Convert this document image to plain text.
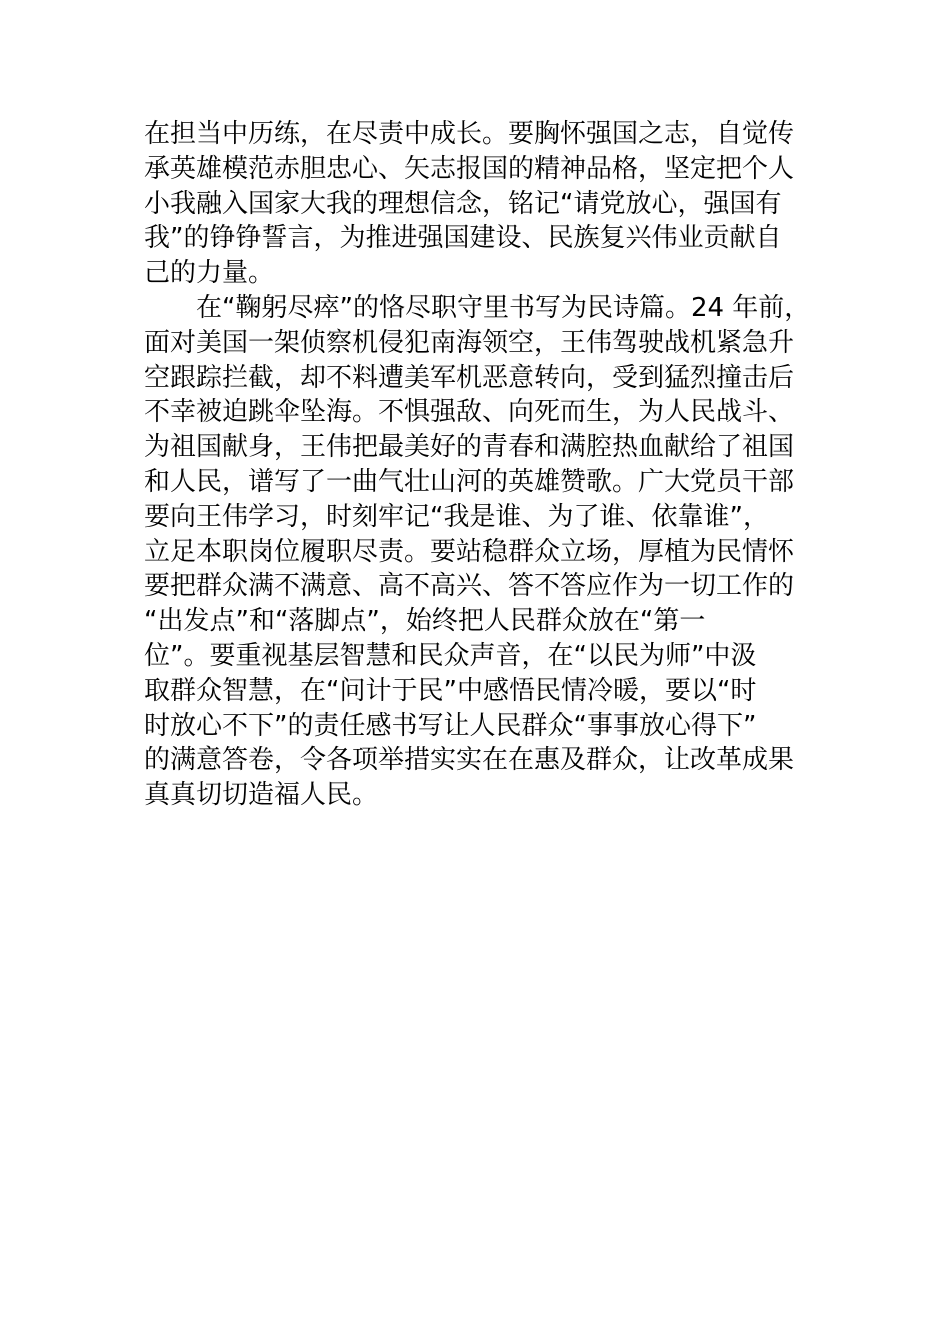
在担当中历练，在尽责中成长。要胸怀强国之志，自觉传
承英雄模范赤胆忠心、矢志报国的精神品格，坚定把个人
小我融入国家大我的理想信念，铭记“请党放心，强国有
我”的铮铮誓言，为推进强国建设、民族复兴伟业贡献自
己的力量。
在“鞠躬尽瘁”的恪尽职守里书写为民诗篇。24 年前，
面对美国一架侦察机侵犯南海领空，王伟驾驶战机紧急升
空跟踪拦截，却不料遭美军机恶意转向，受到猛烈撞击后
不幸被迫跳伞坠海。不惧强敌、向死而生，为人民战斗、
为祖国献身，王伟把最美好的青春和满腔热血献给了祖国
和人民，谱写了一曲气壮山河的英雄赞歌。广大党员干部
要向王伟学习，时刻牢记“我是谁、为了谁、依靠谁”，
立足本职岗位履职尽责。要站稳群众立场，厚植为民情怀
要把群众满不满意、高不高兴、答不答应作为一切工作的
“出发点”和“落脚点”，始终把人民群众放在“第一
位”。要重视基层智慧和民众声音，在“以民为师”中汲
取群众智慧，在“问计于民”中感悟民情冷暖，要以“时
时放心不下”的责任感书写让人民群众“事事放心得下”
的满意答卷，令各项举措实实在在惠及群众，让改革成果
真真切切造福人民。
